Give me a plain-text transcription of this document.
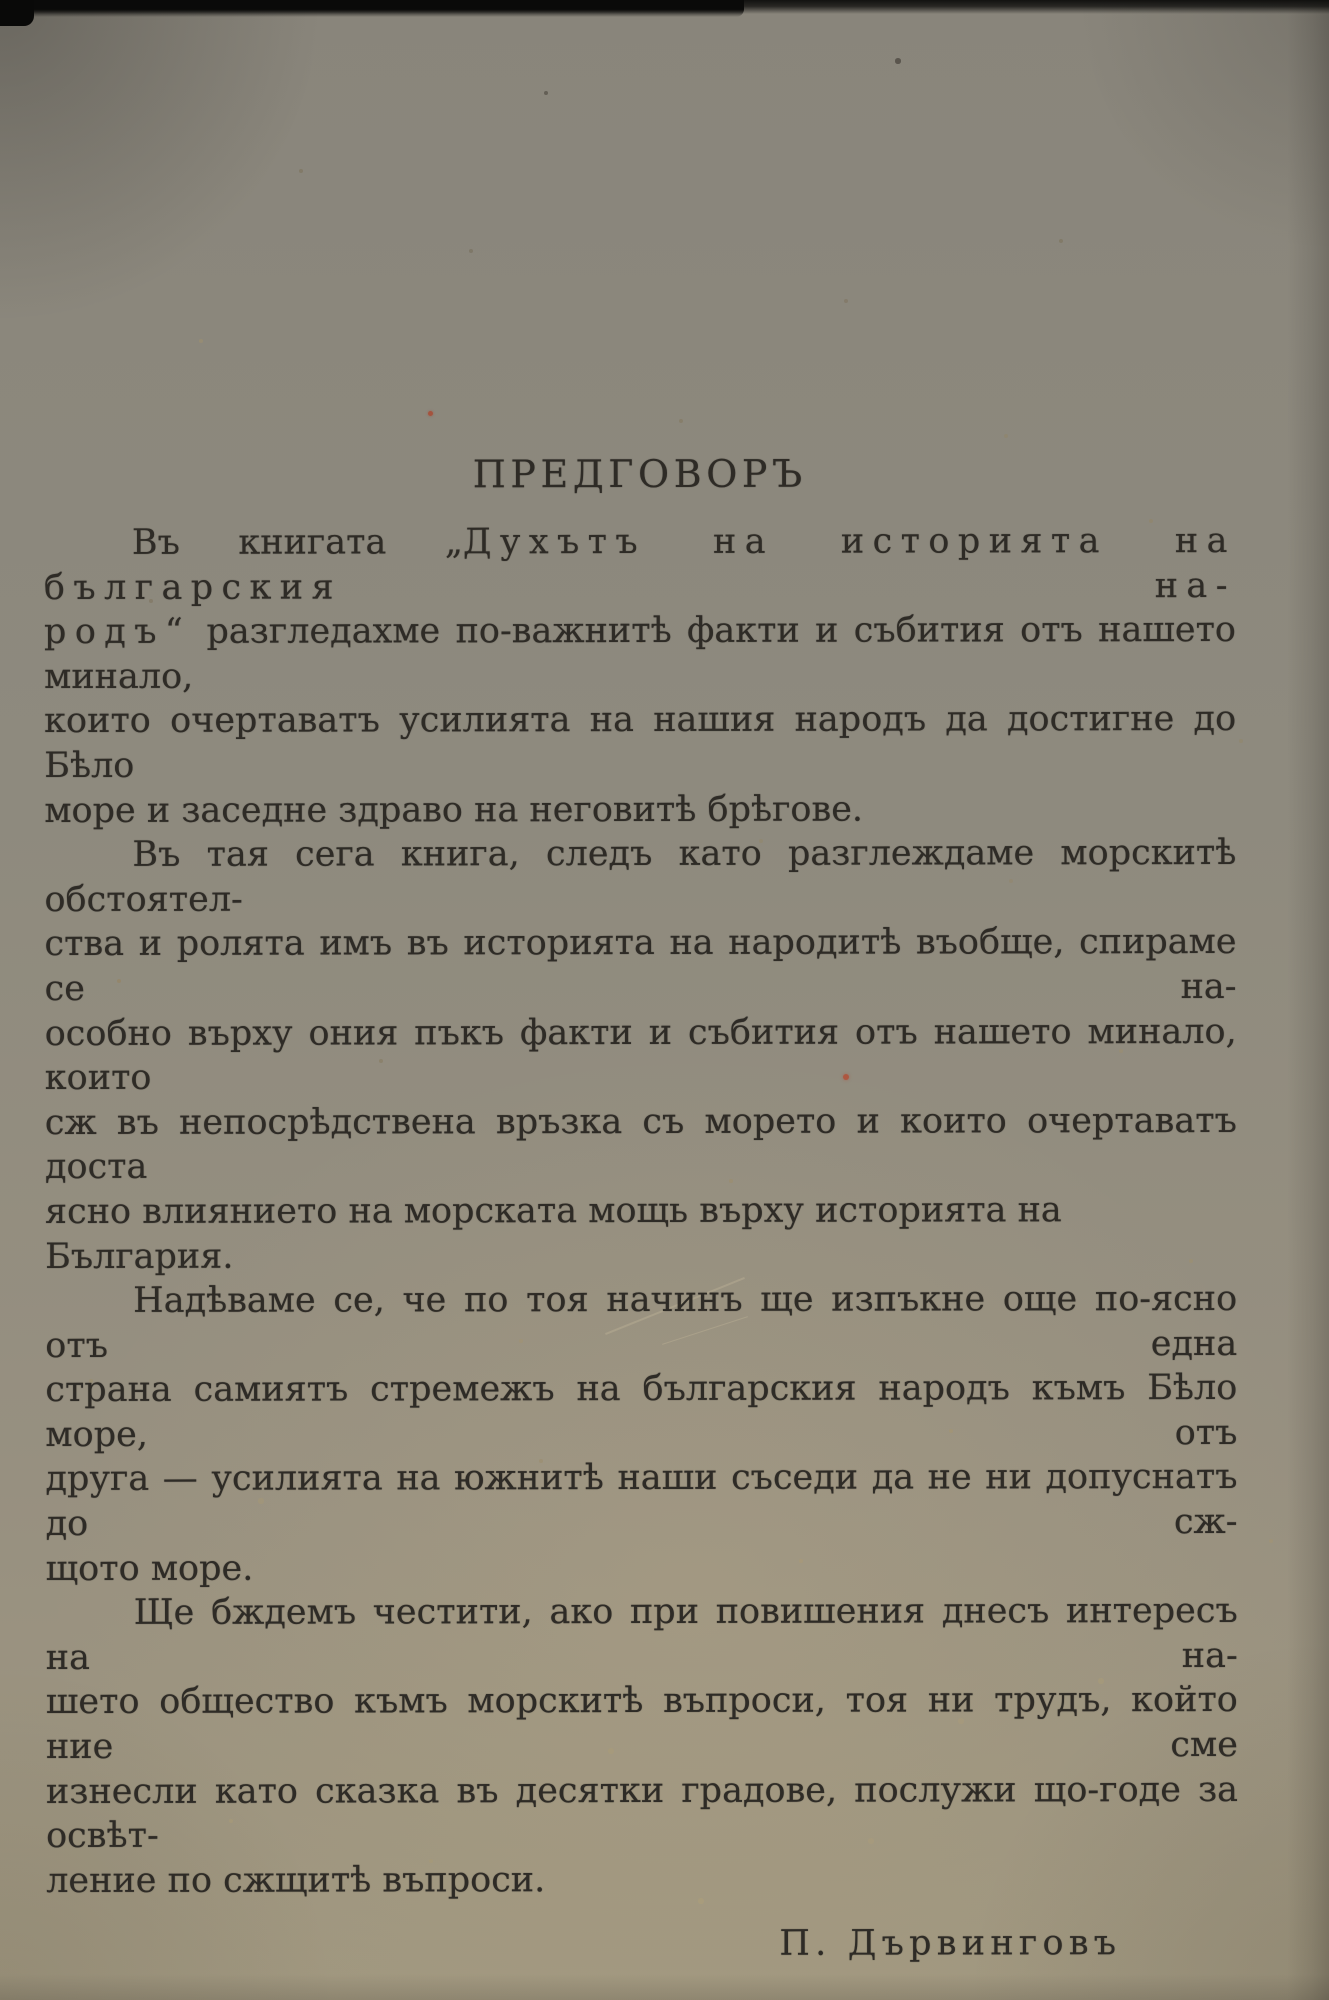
ПРЕДГОВОРЪ
Въ книгата „Духътъ на историята на българския на-
родъ“ разгледахме по-важнитѣ факти и събития отъ нашето минало,
които очертаватъ усилията на нашия народъ да достигне до Бѣло
море и заседне здраво на неговитѣ брѣгове.
Въ тая сега книга, следъ като разглеждаме морскитѣ обстоятел-
ства и ролята имъ въ историята на народитѣ въобще, спираме се на-
особно върху ония пъкъ факти и събития отъ нашето минало, които
сж въ непосрѣдствена връзка съ морето и които очертаватъ доста
ясно влиянието на морската мощь върху историята на България.
Надѣваме се, че по тоя начинъ ще изпъкне още по-ясно отъ една
страна самиятъ стремежъ на българския народъ къмъ Бѣло море, отъ
друга — усилията на южнитѣ наши съседи да не ни допуснатъ до сж-
щото море.
Ще бждемъ честити, ако при повишения днесъ интересъ на на-
шето общество къмъ морскитѣ въпроси, тоя ни трудъ, който ние сме
изнесли като сказка въ десятки градове, послужи що-годе за освѣт-
ление по сжщитѣ въпроси.
П. Дървинговъ
